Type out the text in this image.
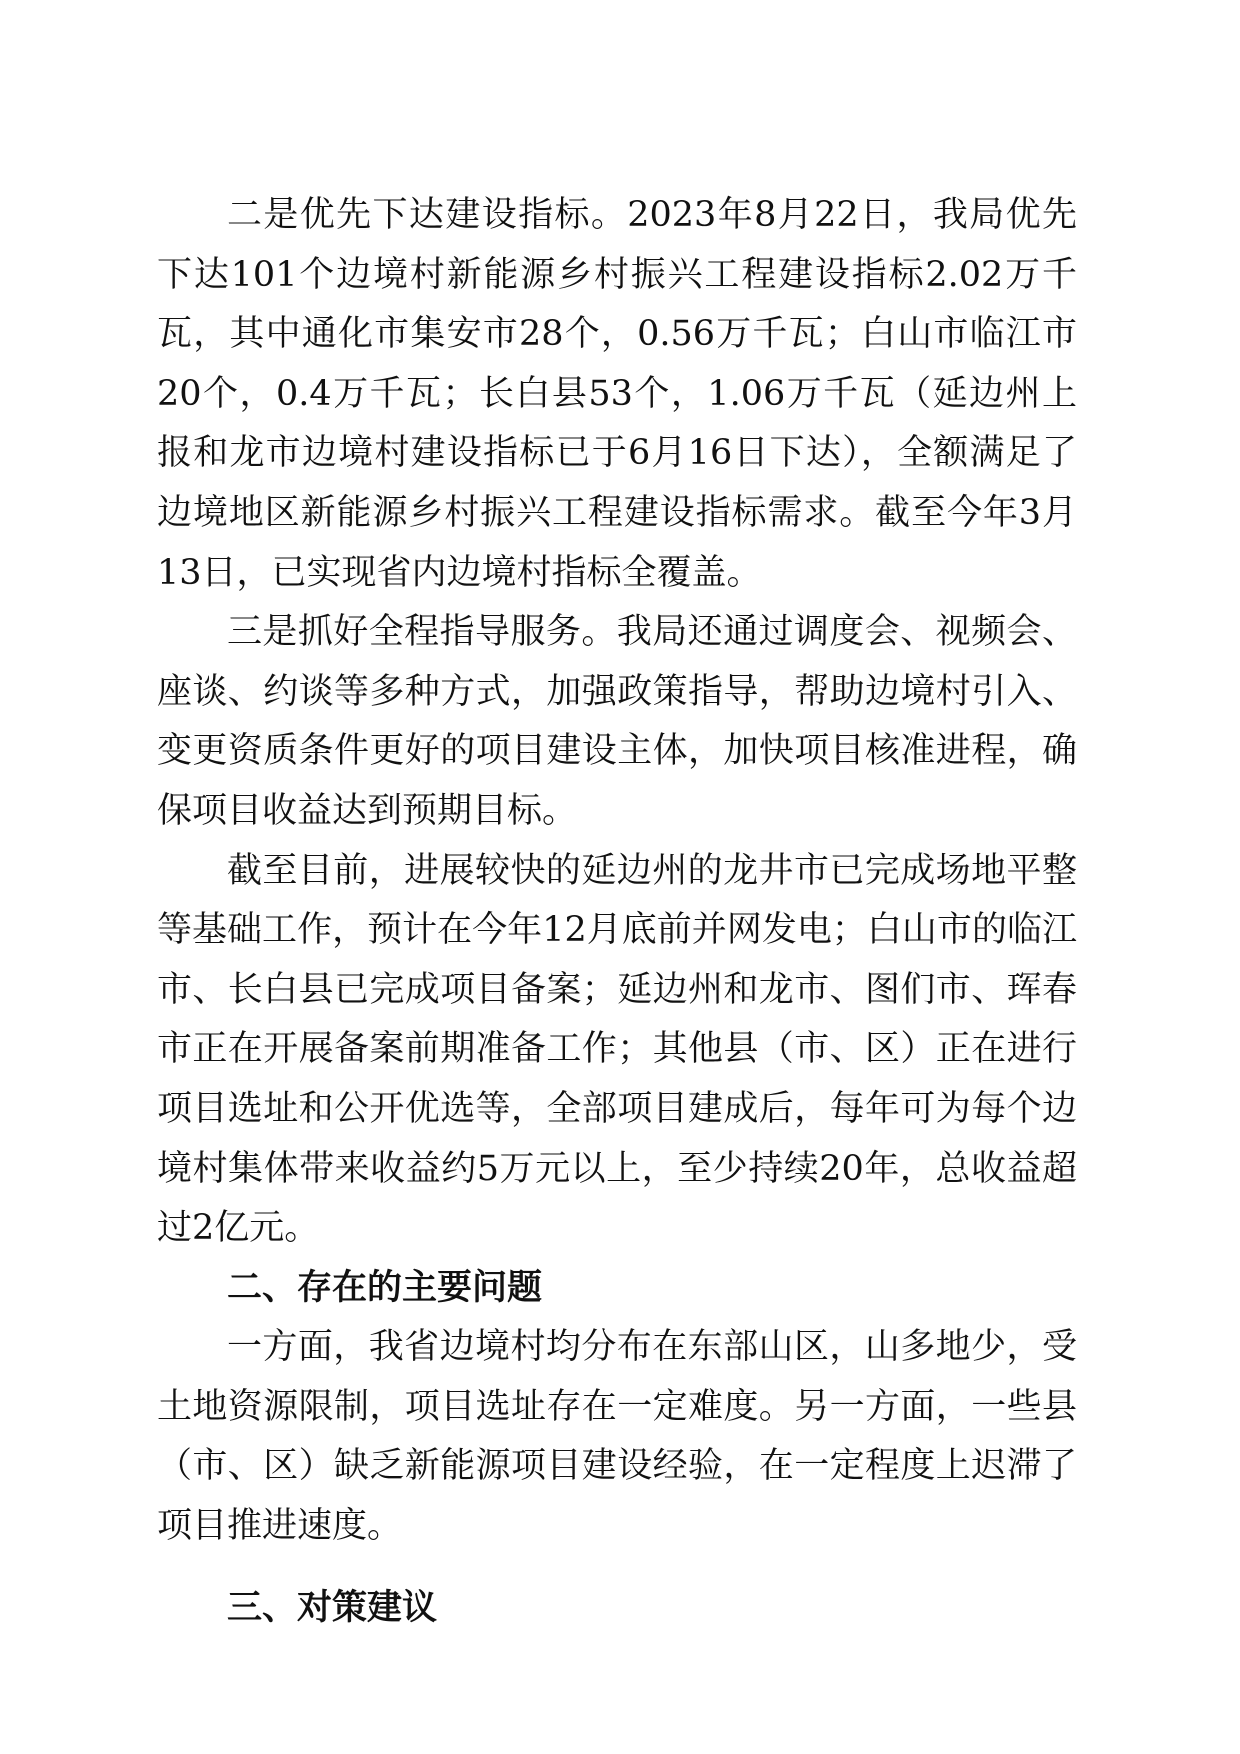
二是优先下达建设指标。2023年8月22日，我局优先下达101个边境村新能源乡村振兴工程建设指标2.02万千瓦，其中通化市集安市28个，0.56万千瓦；白山市临江市20个，0.4万千瓦；长白县53个，1.06万千瓦（延边州上报和龙市边境村建设指标已于6月16日下达），全额满足了边境地区新能源乡村振兴工程建设指标需求。截至今年3月13日，已实现省内边境村指标全覆盖。

三是抓好全程指导服务。我局还通过调度会、视频会、座谈、约谈等多种方式，加强政策指导，帮助边境村引入、变更资质条件更好的项目建设主体，加快项目核准进程，确保项目收益达到预期目标。

截至目前，进展较快的延边州的龙井市已完成场地平整等基础工作，预计在今年12月底前并网发电；白山市的临江市、长白县已完成项目备案；延边州和龙市、图们市、珲春市正在开展备案前期准备工作；其他县（市、区）正在进行项目选址和公开优选等，全部项目建成后，每年可为每个边境村集体带来收益约5万元以上，至少持续20年，总收益超过2亿元。

二、存在的主要问题

一方面，我省边境村均分布在东部山区，山多地少，受土地资源限制，项目选址存在一定难度。另一方面，一些县（市、区）缺乏新能源项目建设经验，在一定程度上迟滞了项目推进速度。

三、对策建议
